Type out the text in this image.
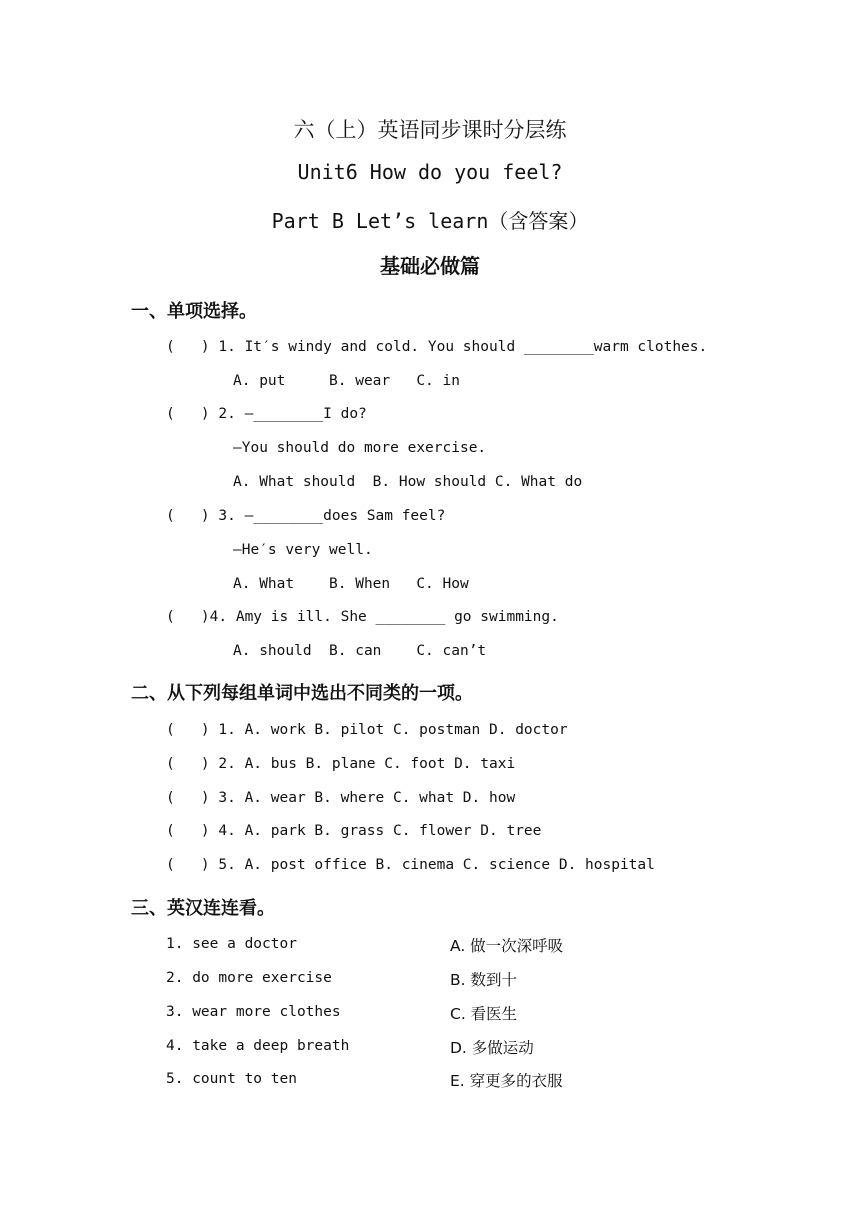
六（上）英语同步课时分层练
Unit6 How do you feel?
Part B Let’s learn（含答案）
基础必做篇
一、单项选择。
(   ) 1. It′s windy and cold. You should ________warm clothes.
A. put     B. wear   C. in
(   ) 2. —________I do?
—You should do more exercise.
A. What should  B. How should C. What do
(   ) 3. —________does Sam feel?
—He′s very well.
A. What    B. When   C. How
(   )4. Amy is ill. She ________ go swimming.
A. should  B. can    C. can’t
二、从下列每组单词中选出不同类的一项。
(   ) 1. A. work B. pilot C. postman D. doctor
(   ) 2. A. bus B. plane C. foot D. taxi
(   ) 3. A. wear B. where C. what D. how
(   ) 4. A. park B. grass C. flower D. tree
(   ) 5. A. post office B. cinema C. science D. hospital
三、英汉连连看。
1. see a doctor
2. do more exercise
3. wear more clothes
4. take a deep breath
5. count to ten
A. 做一次深呼吸
B. 数到十
C. 看医生
D. 多做运动
E. 穿更多的衣服
